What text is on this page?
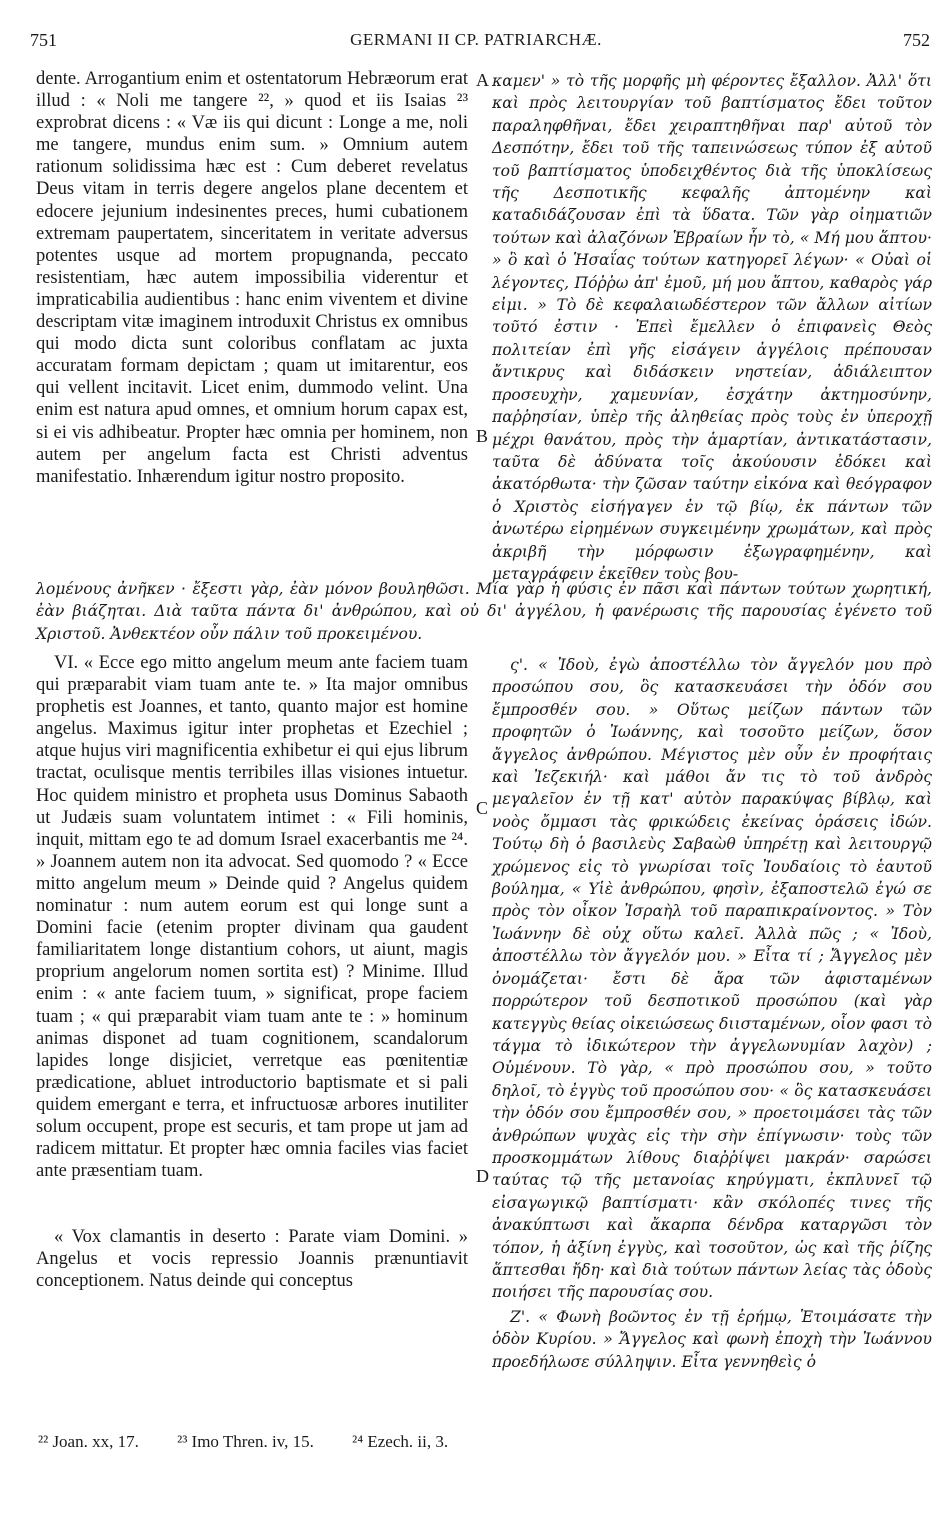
751	GERMANI II CP. PATRIARCHÆ.	752

dente. Arrogantium enim et ostentatorum Hebræorum erat illud : « Noli me tangere ²², » quod et iis Isaias ²³ exprobrat dicens : « Væ iis qui dicunt : Longe a me, noli me tangere, mundus enim sum. » Omnium autem rationum solidissima hæc est : Cum deberet revelatus Deus vitam in terris degere angelos plane decentem et edocere jejunium indesinentes preces, humi cubationem extremam paupertatem, sinceritatem in veritate adversus potentes usque ad mortem propugnanda, peccato resistentiam, hæc autem impossibilia viderentur et impraticabilia audientibus : hanc enim viventem et divine descriptam vitæ imaginem introduxit Christus ex omnibus qui modo dicta sunt coloribus conflatam ac juxta accuratam formam depictam ; quam ut imitarentur, eos qui vellent incitavit. Licet enim, dummodo velint. Una enim est natura apud omnes, et omnium horum capax est, si ei vis adhibeatur. Propter hæc omnia per hominem, non autem per angelum facta est Christi adventus manifestatio. Inhærendum igitur nostro proposito.

καμεν' » τὸ τῆς μορφῆς μὴ φέροντες ἔξαλλον. Ἀλλ' ὅτι καὶ πρὸς λειτουργίαν τοῦ βαπτίσματος ἔδει τοῦτον παραληφθῆναι, ἔδει χειραπτηθῆναι παρ' αὐτοῦ τὸν Δεσπότην, ἔδει τοῦ τῆς ταπεινώσεως τύπον ἐξ αὐτοῦ τοῦ βαπτίσματος ὑποδειχθέντος διὰ τῆς ὑποκλίσεως τῆς Δεσποτικῆς κεφαλῆς ἀπτομένην καὶ καταδιδάζουσαν ἐπὶ τὰ ὕδατα. Τῶν γὰρ οἰηματιῶν τούτων καὶ ἀλαζόνων Ἑβραίων ἦν τὸ, « Μή μου ἅπτου· » ὃ καὶ ὁ Ἡσαΐας τούτων κατηγορεῖ λέγων· « Οὐαὶ οἱ λέγοντες, Πόῤῥω ἀπ' ἐμοῦ, μή μου ἅπτου, καθαρὸς γάρ εἰμι. » Τὸ δὲ κεφαλαιωδέστερον τῶν ἄλλων αἰτίων τοῦτό ἐστιν · Ἐπεὶ ἔμελλεν ὁ ἐπιφανεὶς Θεὸς πολιτείαν ἐπὶ γῆς εἰσάγειν ἀγγέλοις πρέπουσαν ἄντικρυς καὶ διδάσκειν νηστείαν, ἀδιάλειπτον προσευχὴν, χαμευνίαν, ἐσχάτην ἀκτημοσύνην, παῤῥησίαν, ὑπὲρ τῆς ἀληθείας πρὸς τοὺς ἐν ὑπεροχῇ μέχρι θανάτου, πρὸς τὴν ἁμαρτίαν, ἀντικατάστασιν, ταῦτα δὲ ἀδύνατα τοῖς ἀκούουσιν ἐδόκει καὶ ἀκατόρθωτα· τὴν ζῶσαν ταύτην εἰκόνα καὶ θεόγραφον ὁ Χριστὸς εἰσήγαγεν ἐν τῷ βίῳ, ἐκ πάντων τῶν ἀνωτέρω εἰρημένων συγκειμένην χρωμάτων, καὶ πρὸς ἀκριβῆ τὴν μόρφωσιν ἐξωγραφημένην, καὶ μεταγράφειν ἐκεῖθεν τοὺς βου-

λομένους ἀνῆκεν · ἔξεστι γὰρ, ἐὰν μόνον βουληθῶσι. Μία γὰρ ἡ φύσις ἐν πᾶσι καὶ πάντων τούτων χωρητική, ἐὰν βιάζηται. Διὰ ταῦτα πάντα δι' ἀνθρώπου, καὶ οὐ δι' ἀγγέλου, ἡ φανέρωσις τῆς παρουσίας ἐγένετο τοῦ Χριστοῦ. Ἀνθεκτέον οὖν πάλιν τοῦ προκειμένου.

VI. « Ecce ego mitto angelum meum ante faciem tuam qui præparabit viam tuam ante te. » Ita major omnibus prophetis est Joannes, et tanto, quanto major est homine angelus. Maximus igitur inter prophetas et Ezechiel ; atque hujus viri magnificentia exhibetur ei qui ejus librum tractat, oculisque mentis terribiles illas visiones intuetur. Hoc quidem ministro et propheta usus Dominus Sabaoth ut Judæis suam voluntatem intimet : « Fili hominis, inquit, mittam ego te ad domum Israel exacerbantis me ²⁴. » Joannem autem non ita advocat. Sed quomodo ? « Ecce mitto angelum meum » Deinde quid ? Angelus quidem nominatur : num autem eorum est qui longe sunt a Domini facie (etenim propter divinam qua gaudent familiaritatem longe distantium cohors, ut aiunt, magis proprium angelorum nomen sortita est) ? Minime. Illud enim : « ante faciem tuum, » significat, prope faciem tuam ; « qui præparabit viam tuam ante te : » hominum animas disponet ad tuam cognitionem, scandalorum lapides longe disjiciet, verretque eas pœnitentiæ prædicatione, abluet introductorio baptismate et si pali quidem emergant e terra, et infructuosæ arbores inutiliter solum occupent, prope est securis, et tam prope ut jam ad radicem mittatur. Et propter hæc omnia faciles vias faciet ante præsentiam tuam.

« Vox clamantis in deserto : Parate viam Domini. » Angelus et vocis repressio Joannis prænuntiavit conceptionem. Natus deinde qui conceptus

ς'. « Ἰδοὺ, ἐγὼ ἀποστέλλω τὸν ἄγγελόν μου πρὸ προσώπου σου, ὃς κατασκευάσει τὴν ὁδόν σου ἔμπροσθέν σου. » Οὕτως μείζων πάντων τῶν προφητῶν ὁ Ἰωάννης, καὶ τοσοῦτο μείζων, ὅσον ἄγγελος ἀνθρώπου. Μέγιστος μὲν οὖν ἐν προφήταις καὶ Ἰεζεκιήλ· καὶ μάθοι ἄν τις τὸ τοῦ ἀνδρὸς μεγαλεῖον ἐν τῇ κατ' αὐτὸν παρακύψας βίβλῳ, καὶ νοὸς ὄμμασι τὰς φρικώδεις ἐκείνας ὁράσεις ἰδών. Τούτῳ δὴ ὁ βασιλεὺς Σαβαὼθ ὑπηρέτῃ καὶ λειτουργῷ χρώμενος εἰς τὸ γνωρίσαι τοῖς Ἰουδαίοις τὸ ἑαυτοῦ βούλημα, « Υἱὲ ἀνθρώπου, φησὶν, ἐξαποστελῶ ἐγώ σε πρὸς τὸν οἶκον Ἰσραὴλ τοῦ παραπικραίνοντος. » Τὸν Ἰωάννην δὲ οὐχ οὕτω καλεῖ. Ἀλλὰ πῶς ; « Ἰδοὺ, ἀποστέλλω τὸν ἄγγελόν μου. » Εἶτα τί ; Ἄγγελος μὲν ὀνομάζεται· ἔστι δὲ ἄρα τῶν ἀφισταμένων πορρώτερον τοῦ δεσποτικοῦ προσώπου (καὶ γὰρ κατεγγὺς θείας οἰκειώσεως διισταμένων, οἷον φασι τὸ τάγμα τὸ ἰδικώτερον τὴν ἀγγελωνυμίαν λαχὸν) ; Οὐμένουν. Τὸ γὰρ, « πρὸ προσώπου σου, » τοῦτο δηλοῖ, τὸ ἐγγὺς τοῦ προσώπου σου· « ὃς κατασκευάσει τὴν ὁδόν σου ἔμπροσθέν σου, » προετοιμάσει τὰς τῶν ἀνθρώπων ψυχὰς εἰς τὴν σὴν ἐπίγνωσιν· τοὺς τῶν προσκομμάτων λίθους διαῤῥίψει μακράν· σαρώσει ταύτας τῷ τῆς μετανοίας κηρύγματι, ἐκπλυνεῖ τῷ εἰσαγωγικῷ βαπτίσματι· κἂν σκόλοπές τινες τῆς ἀνακύπτωσι καὶ ἄκαρπα δένδρα καταργῶσι τὸν τόπον, ἡ ἀξίνη ἐγγὺς, καὶ τοσοῦτον, ὡς καὶ τῆς ῥίζης ἅπτεσθαι ἤδη· καὶ διὰ τούτων πάντων λείας τὰς ὁδοὺς ποιήσει τῆς παρουσίας σου.

Ζ'. « Φωνὴ βοῶντος ἐν τῇ ἐρήμῳ, Ἑτοιμάσατε τὴν ὁδὸν Κυρίου. » Ἄγγελος καὶ φωνὴ ἐποχὴ τὴν Ἰωάννου προεδήλωσε σύλληψιν. Εἶτα γεννηθεὶς ὁ

A
B
C
D
²² Joan. xx, 17. ²³ Imo Thren. iv, 15. ²⁴ Ezech. ii, 3.
